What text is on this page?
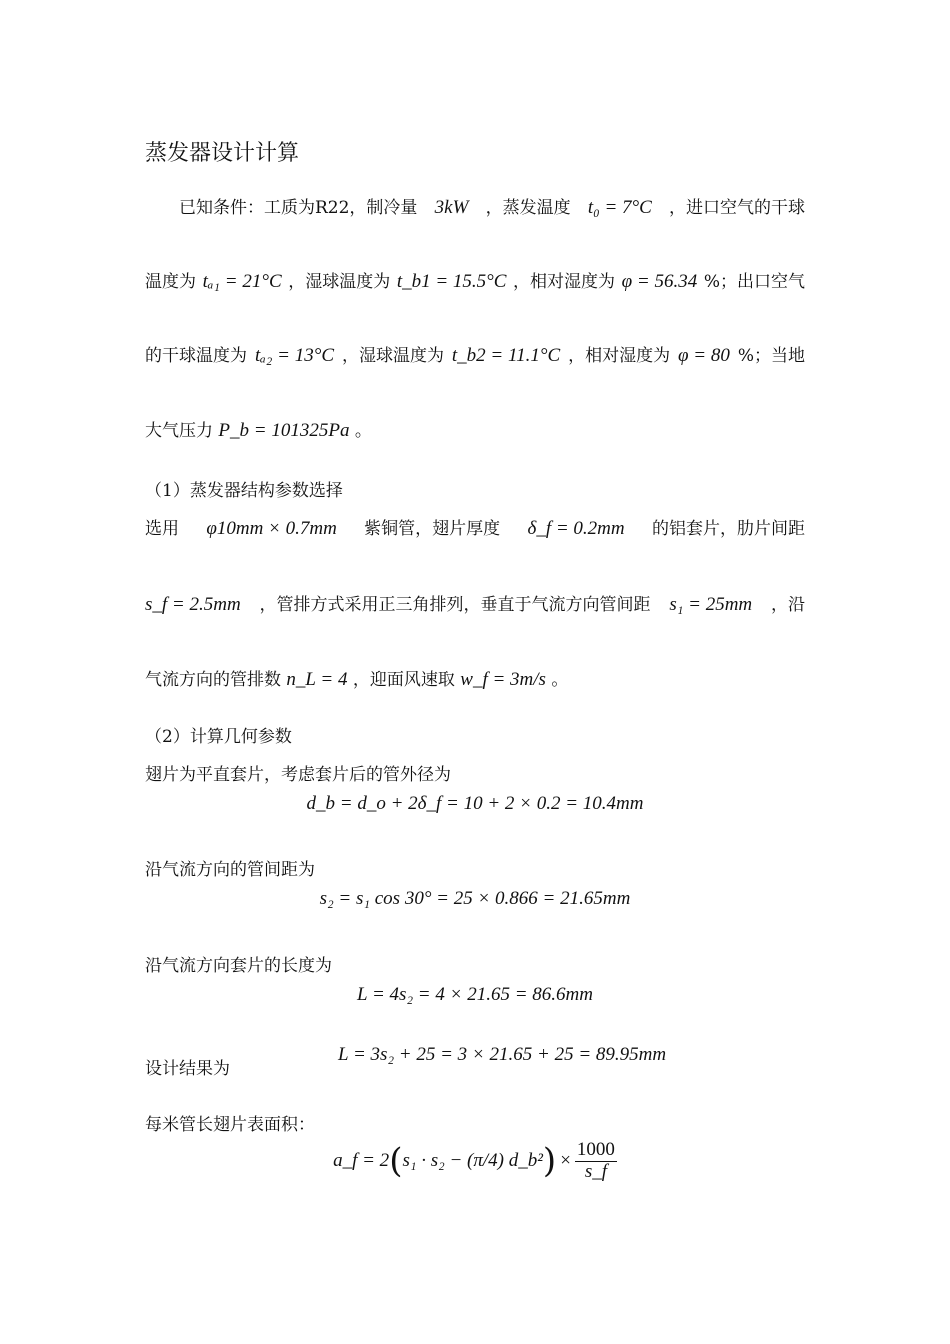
蒸发器设计计算
已知条件：工质为R22，制冷量 3kW ，蒸发温度 t₀ = 7°C ，进口空气的干球
温度为 tₐ₁ = 21°C ，湿球温度为 t_b1 = 15.5°C ，相对湿度为 φ = 56.34 %；出口空气
的干球温度为 tₐ₂ = 13°C ，湿球温度为 t_b2 = 11.1°C ，相对湿度为 φ = 80 %；当地
大气压力 P_b = 101325Pa 。
（1）蒸发器结构参数选择
选用 φ10mm × 0.7mm 紫铜管，翅片厚度 δ_f = 0.2mm 的铝套片，肋片间距
s_f = 2.5mm ，管排方式采用正三角排列，垂直于气流方向管间距 s₁ = 25mm ，沿
气流方向的管排数 n_L = 4 ，迎面风速取 w_f = 3m/s 。
（2）计算几何参数
翅片为平直套片，考虑套片后的管外径为
d_b = d_o + 2δ_f = 10 + 2 × 0.2 = 10.4mm
沿气流方向的管间距为
s₂ = s₁ cos 30° = 25 × 0.866 = 21.65mm
沿气流方向套片的长度为
L = 4s₂ = 4 × 21.65 = 86.6mm
设计结果为
L = 3s₂ + 25 = 3 × 21.65 + 25 = 89.95mm
每米管长翅片表面积：
a_f = 2 ( s₁ · s₂ − (π/4) d_b² ) × $\frac{1000}{s\_f}$
